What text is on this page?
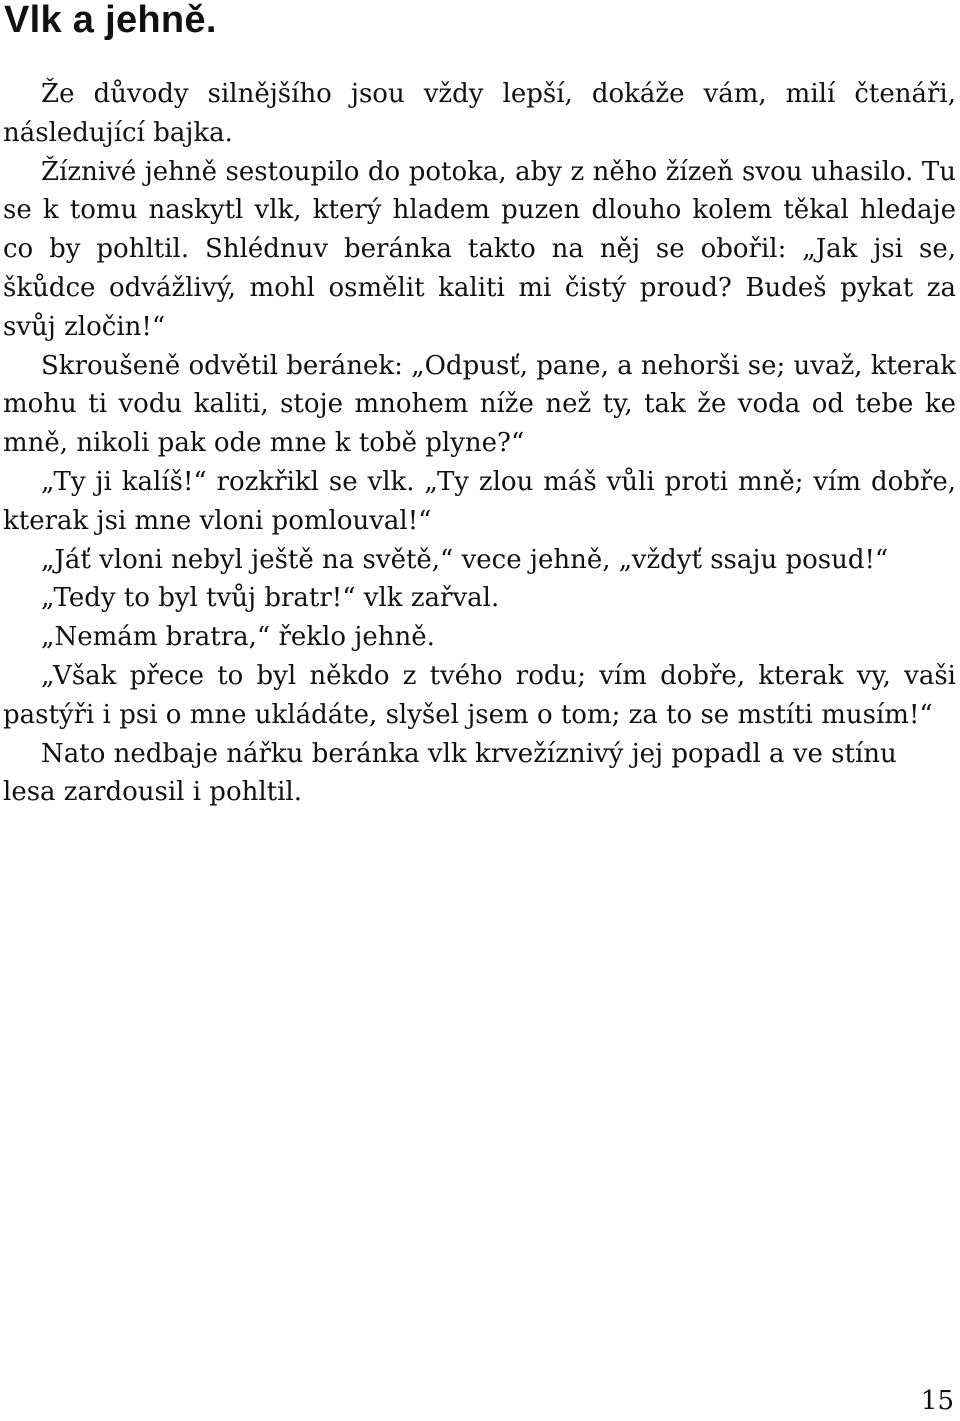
Vlk a jehně.

Že důvody silnějšího jsou vždy lepší, dokáže vám, milí čtenáři, následující bajka.

Žíznivé jehně sestoupilo do potoka, aby z něho žízeň svou uhasilo. Tu se k tomu naskytl vlk, který hladem puzen dlouho kolem těkal hledaje co by pohltil. Shlédnuv beránka takto na něj se obořil: „Jak jsi se, škůdce odvážlivý, mohl osmělit kaliti mi čistý proud? Budeš pykat za svůj zločin!“

Skroušeně odvětil beránek: „Odpusť, pane, a nehorši se; uvaž, kterak mohu ti vodu kaliti, stoje mnohem níže než ty, tak že voda od tebe ke mně, nikoli pak ode mne k tobě plyne?“

„Ty ji kalíš!“ rozkřikl se vlk. „Ty zlou máš vůli proti mně; vím dobře, kterak jsi mne vloni pomlouval!“

„Jáť vloni nebyl ještě na světě,“ vece jehně, „vždyť ssaju posud!“

„Tedy to byl tvůj bratr!“ vlk zařval.

„Nemám bratra,“ řeklo jehně.

„Však přece to byl někdo z tvého rodu; vím dobře, kterak vy, vaši pastýři i psi o mne ukládáte, slyšel jsem o tom; za to se mstíti musím!“

Nato nedbaje nářku beránka vlk krvežíznivý jej popadl a ve stínu lesa zardousil i pohltil.

15
